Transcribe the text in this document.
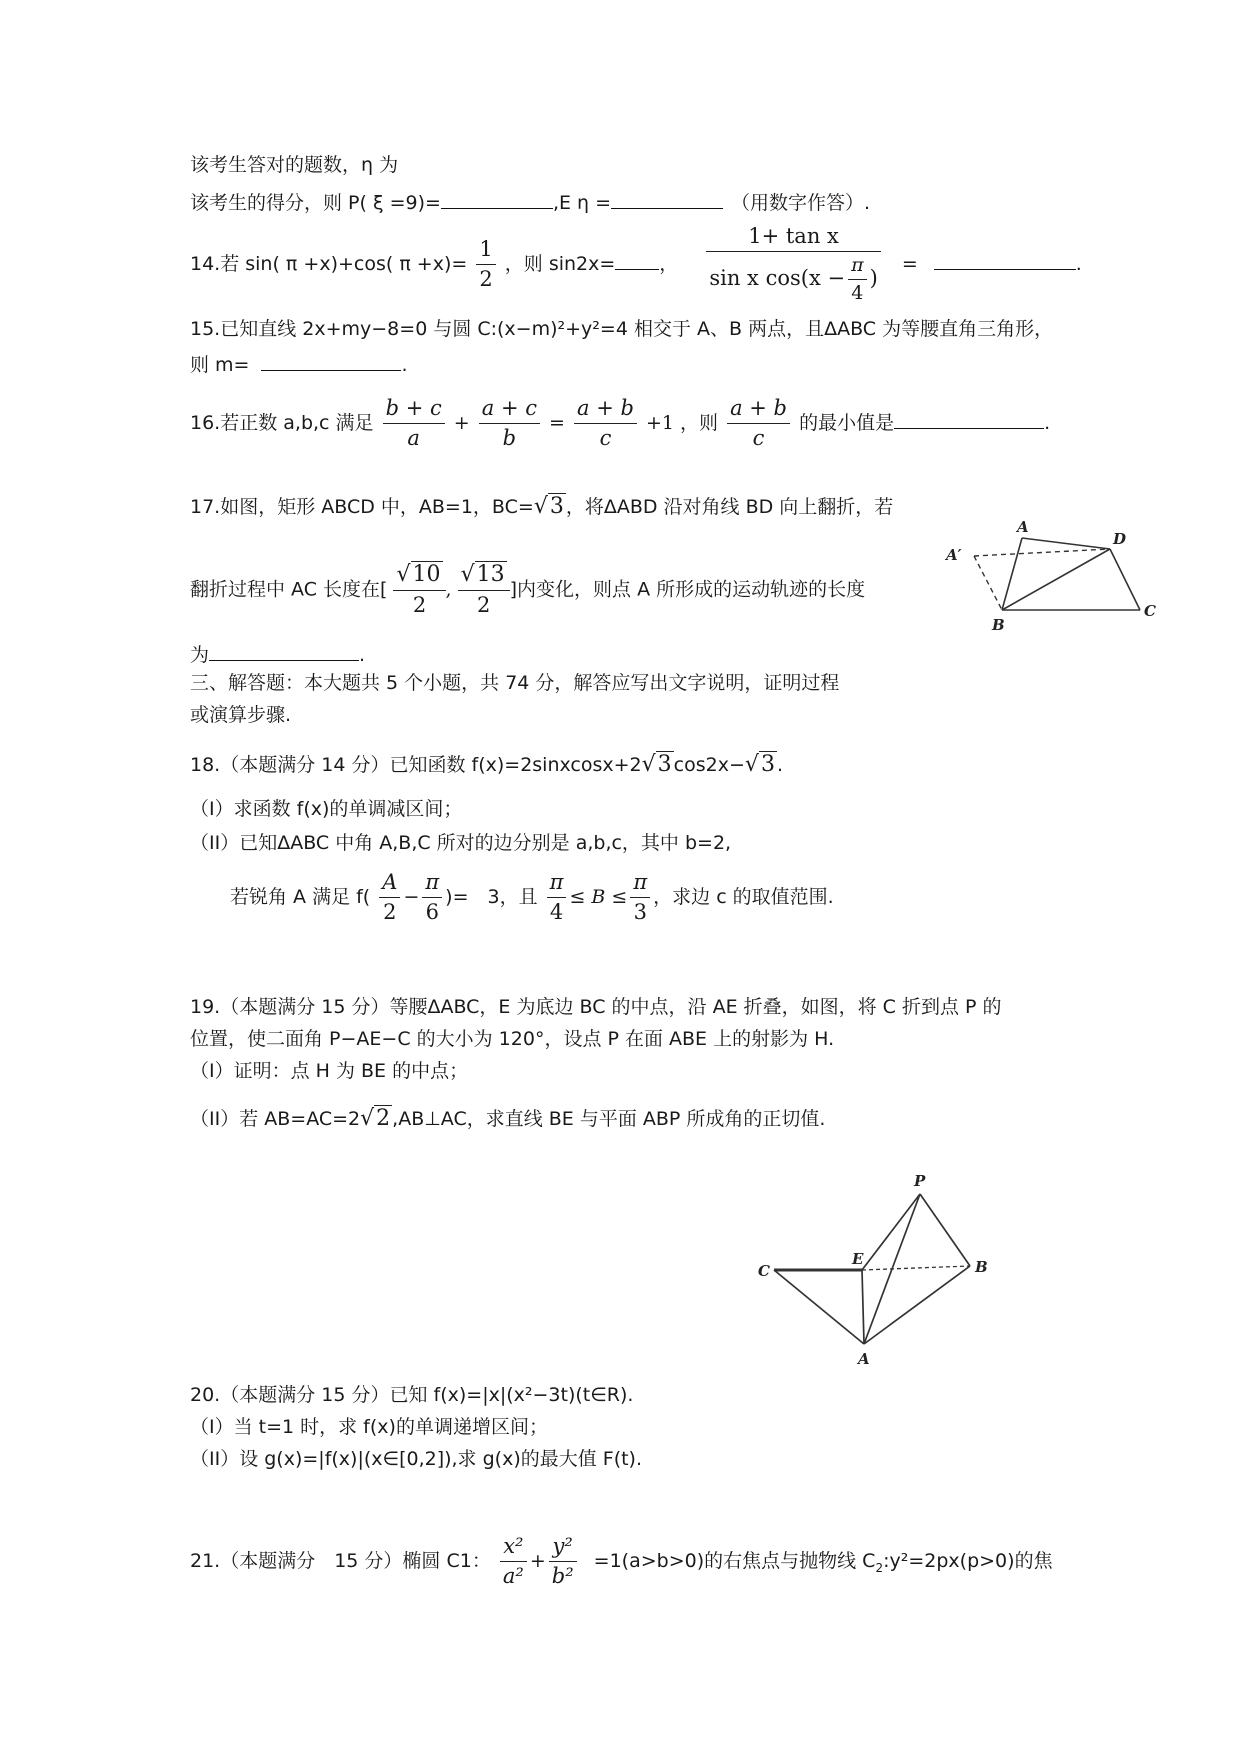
该考生答对的题数，η 为
该考生的得分，则 P( ξ =9)=	,E η =	（用数字作答）.
14.若 sin( π +x)+cos( $\pi +x)= \frac{1}{2}$ ，则 sin2x= ， $\frac{\text{1+ tan x}}{\sin x \cos(x - \frac{\pi}{4} )}$ =	.
15.已知直线 2x+my−8=0 与圆 C:(x−m)²+y²=4 相交于 A、B 两点，且ΔABC 为等腰直角三角形，
则 m=	.
16.若正数 a,b,c 满足 $\frac{b + c}{a} + \frac{a + c}{b} = \frac{a + b}{c} +1$ ，则 $\frac{a + b}{c}$ 的最小值是	.
17.如图，矩形 ABCD 中，AB=1，BC=√3 ，将ΔABD 沿对角线 BD 向上翻折，若
翻折过程中 AC 长度在[ $\frac{√10}{2}$ , $\frac{√13}{2}$ ]内变化，则点 A 所形成的运动轨迹的长度
为	.
A
A′
D
B
C
三、解答题：本大题共 5 个小题，共 74 分，解答应写出文字说明，证明过程
或演算步骤.
18.（本题满分 14 分）已知函数 f(x)=2sinxcosx+2√3 cos2x−√3 .
（I）求函数 f(x)的单调减区间；
（II）已知ΔABC 中角 A,B,C 所对的边分别是 a,b,c，其中 b=2,
若锐角 A 满足 $f( \frac{A}{2} - \frac{\pi}{6}$ )=　3，且 $\frac{\pi}{4} \le B \le \frac{\pi}{3}$ ，求边 c 的取值范围.
19.（本题满分 15 分）等腰ΔABC，E 为底边 BC 的中点，沿 AE 折叠，如图，将 C 折到点 P 的
位置，使二面角 P−AE−C 的大小为 120°，设点 P 在面 ABE 上的射影为 H.
（I）证明：点 H 为 BE 的中点；
（II）若 AB=AC=2√2 ,AB⊥AC，求直线 BE 与平面 ABP 所成角的正切值.
P
E
C	B
A
20.（本题满分 15 分）已知 f(x)=|x|(x²−3t)(t∈R).
（I）当 t=1 时，求 f(x)的单调递增区间；
（II）设 g(x)=|f(x)|(x∈[0,2]),求 g(x)的最大值 F(t).
21.（本题满分　15 分）椭圆 C1： $\frac{\text{x²}}{\text{a²}} + \frac{\text{y²}}{\text{b²}} =1(a>b>0)$的右焦点与抛物线 $C_2:y^2=2px(p>0)$的焦
